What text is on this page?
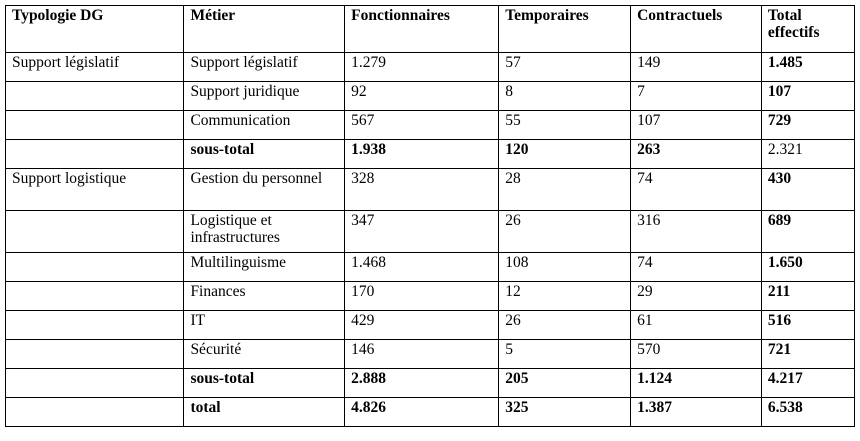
Typologie DG	Métier	Fonctionnaires	Temporaires	Contractuels	Total effectifs
Support législatif	Support législatif	1.279	57	149	1.485
	Support juridique	92	8	7	107
	Communication	567	55	107	729
	sous-total	1.938	120	263	2.321
Support logistique	Gestion du personnel	328	28	74	430
	Logistique et infrastructures	347	26	316	689
	Multilinguisme	1.468	108	74	1.650
	Finances	170	12	29	211
	IT	429	26	61	516
	Sécurité	146	5	570	721
	sous-total	2.888	205	1.124	4.217
	total	4.826	325	1.387	6.538
